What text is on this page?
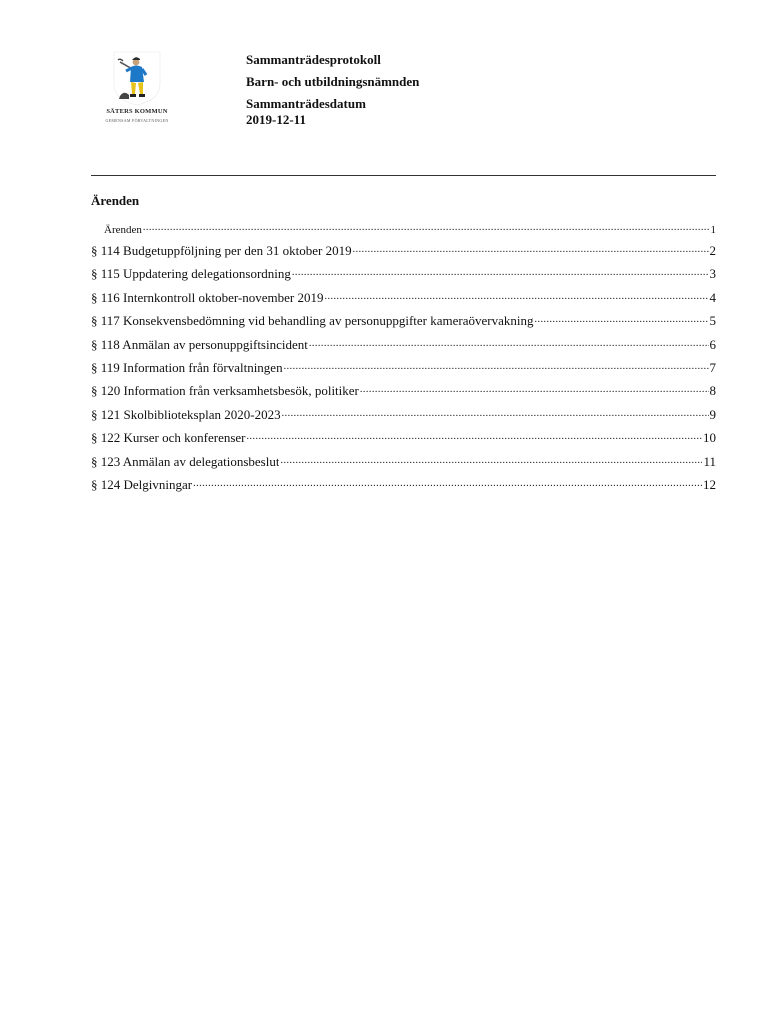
SÄTERS KOMMUN
GEMENSAM FÖRVALTNINGEN
Sammanträdesprotokoll
Barn- och utbildningsnämnden
Sammanträdesdatum
2019-12-11
Ärenden
Ärenden .....	1
§ 114 Budgetuppföljning per den 31 oktober 2019 .....	2
§ 115 Uppdatering delegationsordning .....	3
§ 116 Internkontroll oktober-november 2019 .....	4
§ 117 Konsekvensbedömning vid behandling av personuppgifter kameraövervakning .....	5
§ 118 Anmälan av personuppgiftsincident .....	6
§ 119 Information från förvaltningen .....	7
§ 120 Information från verksamhetsbesök, politiker .....	8
§ 121 Skolbiblioteksplan 2020-2023 .....	9
§ 122 Kurser och konferenser .....	10
§ 123 Anmälan av delegationsbeslut .....	11
§ 124 Delgivningar .....	12
